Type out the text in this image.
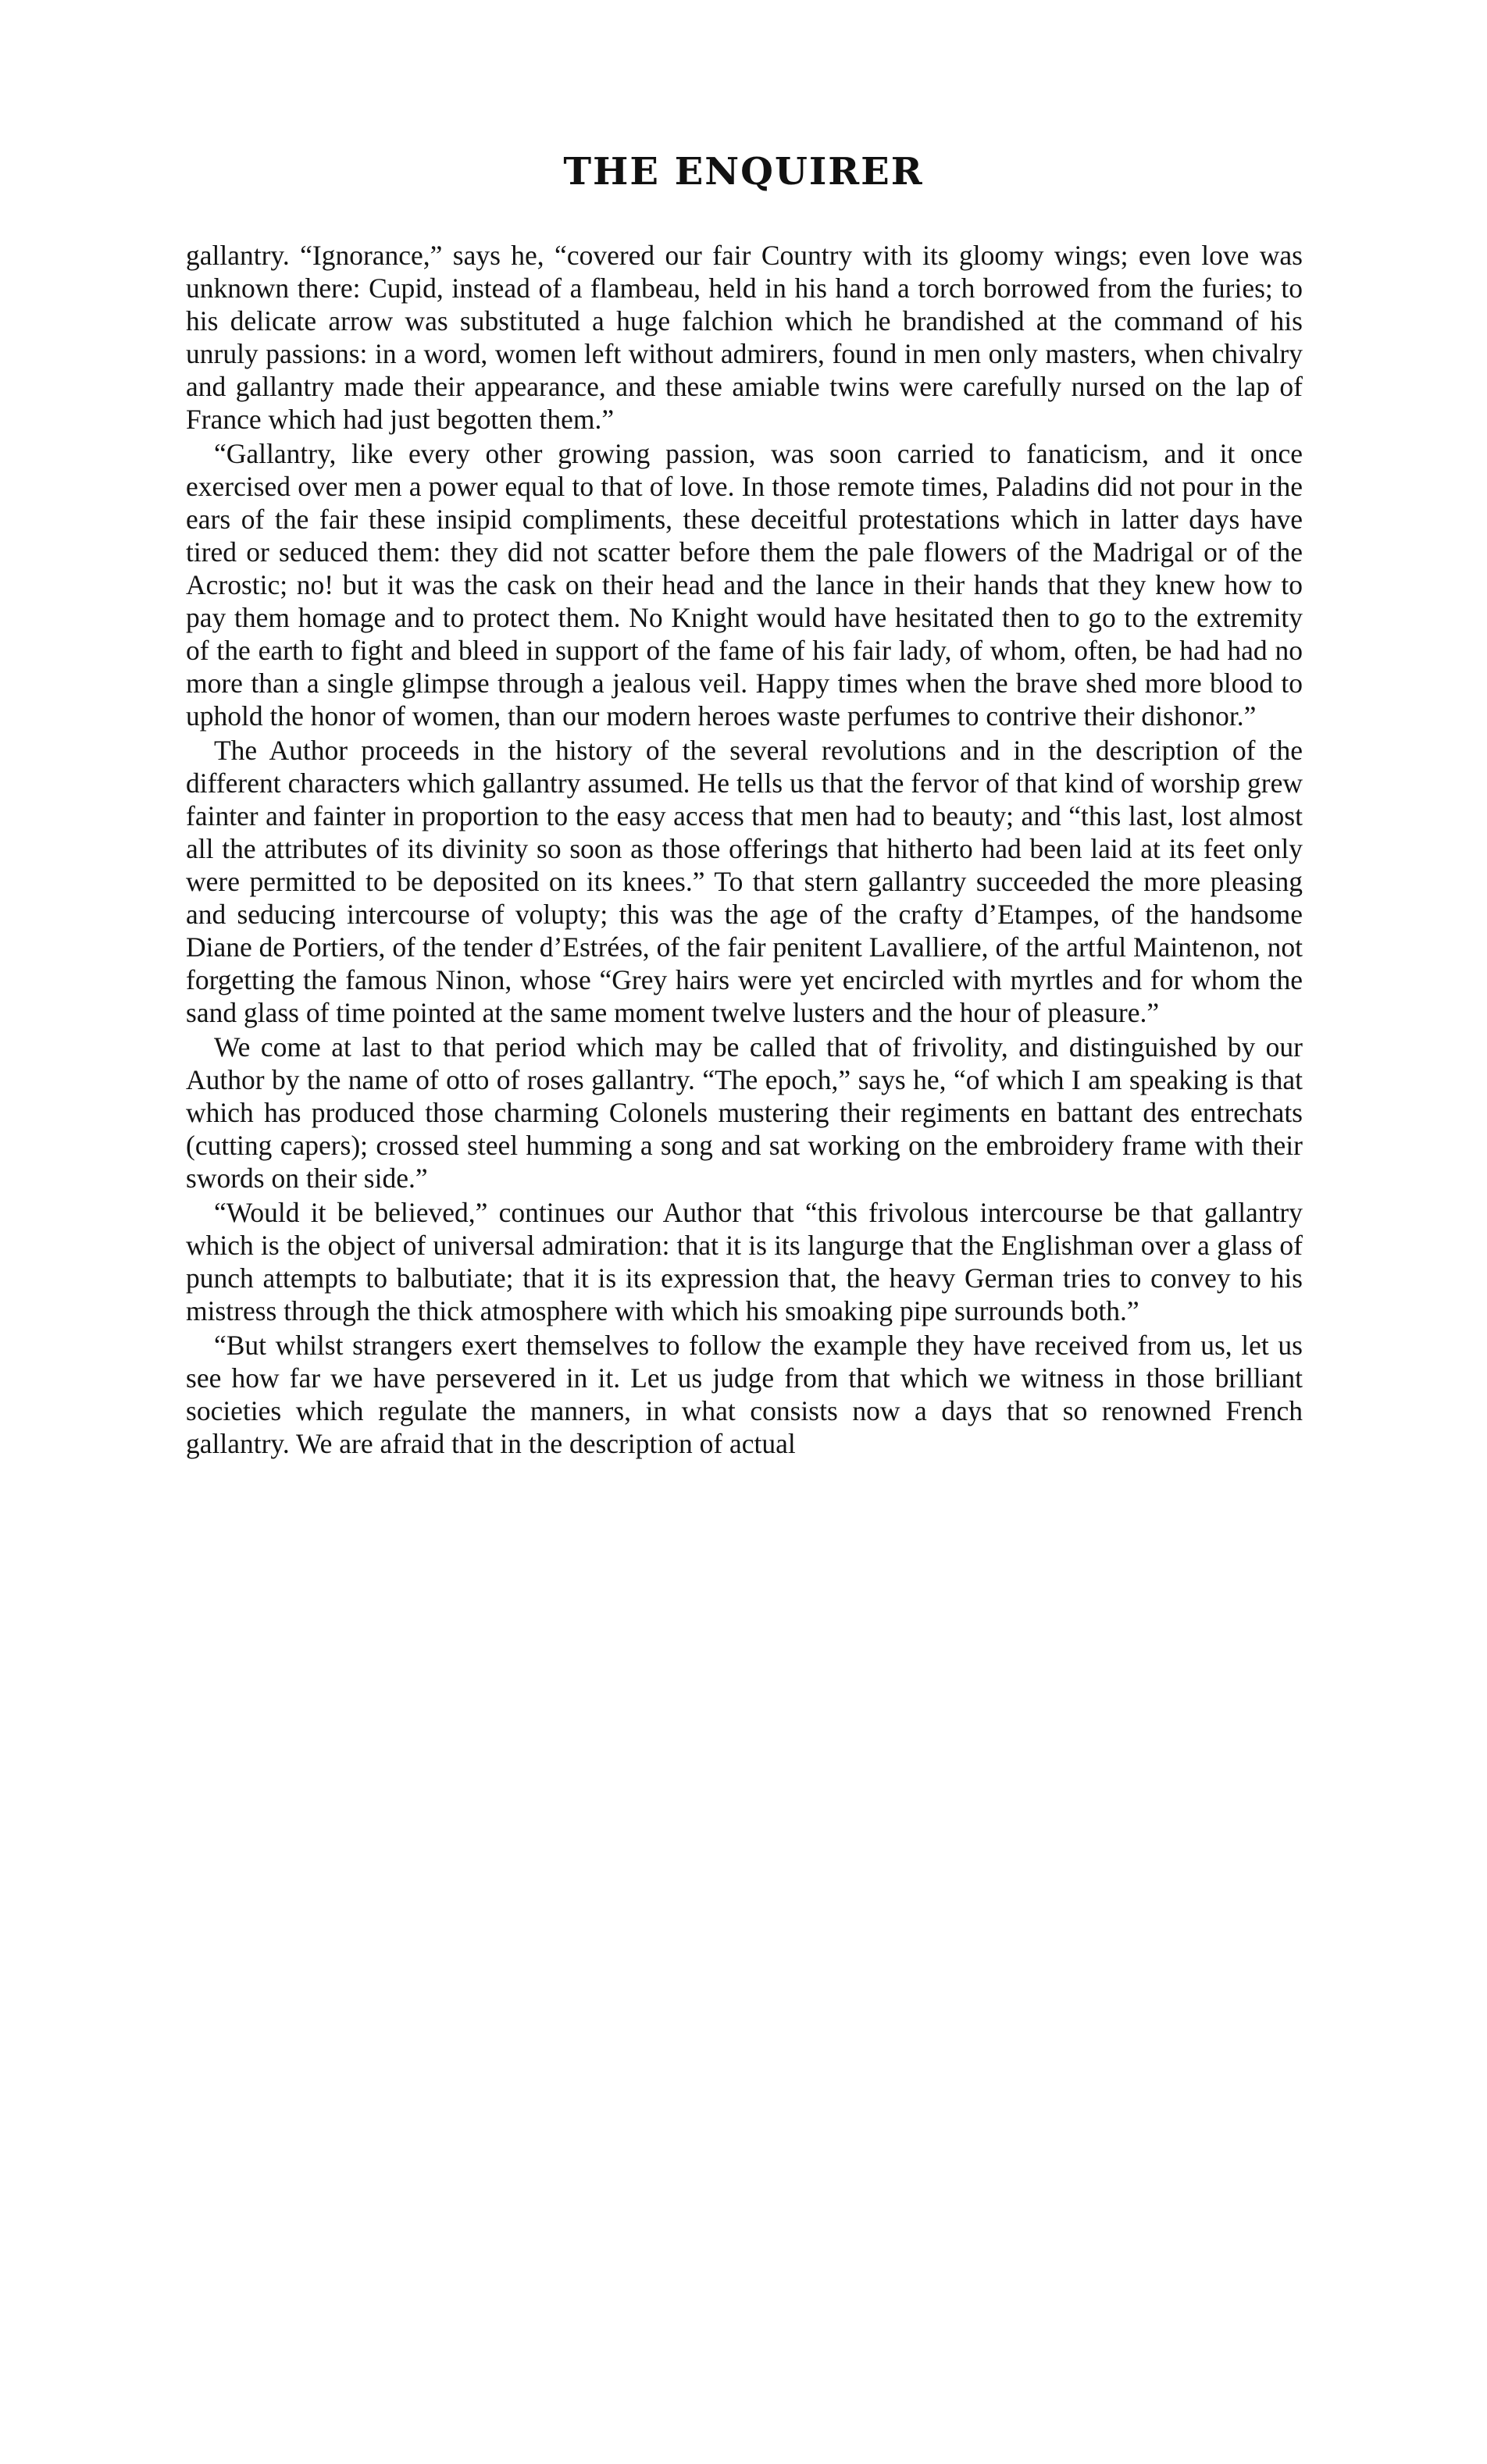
THE ENQUIRER

gallantry. “Ignorance,” says he, “covered our fair Country with its gloomy wings; even love was unknown there: Cupid, instead of a flambeau, held in his hand a torch borrowed from the furies; to his delicate arrow was substituted a huge falchion which he brandished at the command of his unruly passions: in a word, women left without admirers, found in men only masters, when chivalry and gallantry made their appearance, and these amiable twins were carefully nursed on the lap of France which had just begotten them.”

“Gallantry, like every other growing passion, was soon carried to fanaticism, and it once exercised over men a power equal to that of love. In those remote times, Paladins did not pour in the ears of the fair these insipid compliments, these deceitful protestations which in latter days have tired or seduced them: they did not scatter before them the pale flowers of the Madrigal or of the Acrostic; no! but it was the cask on their head and the lance in their hands that they knew how to pay them homage and to protect them. No Knight would have hesitated then to go to the extremity of the earth to fight and bleed in support of the fame of his fair lady, of whom, often, be had had no more than a single glimpse through a jealous veil. Happy times when the brave shed more blood to uphold the honor of women, than our modern heroes waste perfumes to contrive their dishonor.”

The Author proceeds in the history of the several revolutions and in the description of the different characters which gallantry assumed. He tells us that the fervor of that kind of worship grew fainter and fainter in proportion to the easy access that men had to beauty; and “this last, lost almost all the attributes of its divinity so soon as those offerings that hitherto had been laid at its feet only were permitted to be deposited on its knees.” To that stern gallantry succeeded the more pleasing and seducing intercourse of volupty; this was the age of the crafty d’Etampes, of the handsome Diane de Portiers, of the tender d’Estrées, of the fair penitent Lavalliere, of the artful Maintenon, not forgetting the famous Ninon, whose “Grey hairs were yet encircled with myrtles and for whom the sand glass of time pointed at the same moment twelve lusters and the hour of pleasure.”

We come at last to that period which may be called that of frivolity, and distinguished by our Author by the name of otto of roses gallantry. “The epoch,” says he, “of which I am speaking is that which has produced those charming Colonels mustering their regiments en battant des entrechats (cutting capers); crossed steel humming a song and sat working on the embroidery frame with their swords on their side.”

“Would it be believed,” continues our Author that “this frivolous intercourse be that gallantry which is the object of universal admiration: that it is its langurge that the Englishman over a glass of punch attempts to balbutiate; that it is its expression that, the heavy German tries to convey to his mistress through the thick atmosphere with which his smoaking pipe surrounds both.”

“But whilst strangers exert themselves to follow the example they have received from us, let us see how far we have persevered in it. Let us judge from that which we witness in those brilliant societies which regulate the manners, in what consists now a days that so renowned French gallantry. We are afraid that in the description of actual
